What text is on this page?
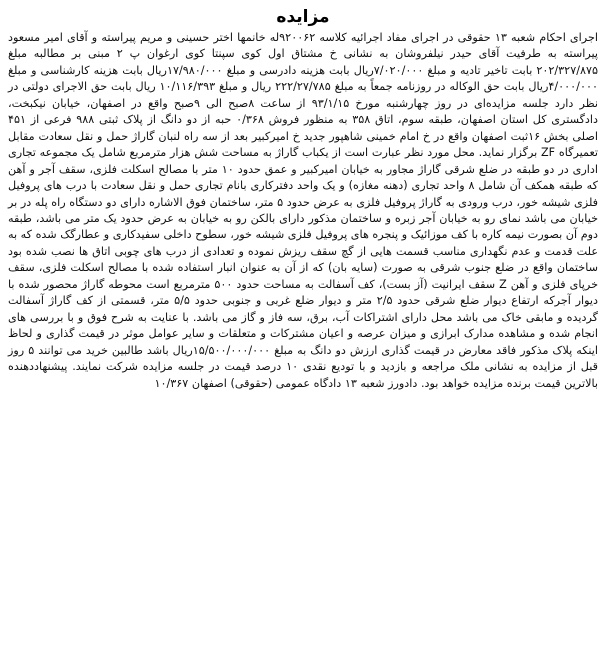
مزایده

اجرای احکام شعبه ۱۳ حقوقی در اجرای مفاد اجرائیه کلاسه ۹۲۰۰۶۲له خانمها اختر حسینی و مریم پیراسته و آقای امیر مسعود پیراسته به طرفیت آقای حیدر نیلفروشان به نشانی خ مشتاق اول کوی سپنتا کوی ارغوان پ ۲ مبنی بر مطالبه مبلغ ۲۰۲/۳۲۷/۸۷۵ بابت تاخیر تادیه و مبلغ ۷/۰۲۰/۰۰۰ریال بابت هزینه دادرسی و مبلغ ۱۷/۹۸۰/۰۰۰ریال بابت هزینه کارشناسی و مبلغ ۴/۰۰۰/۰۰۰ریال بابت حق الوکاله در روزنامه جمعاً به مبلغ ۲۲۲/۲۷/۷۸۵ ریال و مبلغ ۱۰/۱۱۶/۳۹۳ ریال بابت حق الاجرای دولتی در نظر دارد جلسه مزایده‌ای در روز چهارشنبه مورخ ۹۳/۱/۱۵ از ساعت ۸صبح الی ۹صبح واقع در اصفهان، خیابان نیکبخت، دادگستری کل استان اصفهان، طبقه سوم، اتاق ۳۵۸ به منظور فروش ۰/۳۶۸ حبه از دو دانگ از پلاک ثبتی ۹۸۸ فرعی از ۴۵۱ اصلی بخش ۱۶ثبت اصفهان واقع در خ امام خمینی شاهپور جدید خ امیرکبیر بعد از سه راه لنبان گاراژ حمل و نقل سعادت مقابل تعمیرگاه ZF برگزار نماید. محل مورد نظر عبارت است از یکباب گاراژ به مساحت شش هزار مترمربع شامل یک مجموعه تجاری اداری در دو طبقه در ضلع شرقی گاراژ مجاور به خیابان امیرکبیر و عمق حدود ۱۰ متر با مصالح اسکلت فلزی، سقف آجر و آهن که طبقه همکف آن شامل ۸ واحد تجاری (دهنه مغازه) و یک واحد دفترکاری بانام تجاری حمل و نقل سعادت با درب های پروفیل فلزی شیشه خور، درب ورودی به گاراژ پروفیل فلزی به عرض حدود ۵ متر، ساختمان فوق الاشاره دارای دو دستگاه راه پله در بر خیابان می باشد نمای رو به خیابان آجر زبره و ساختمان مذکور دارای بالکن رو به خیابان به عرض حدود یک متر می باشد، طبقه دوم آن بصورت نیمه کاره با کف موزائیک و پنجره های پروفیل فلزی شیشه خور، سطوح داخلی سفیدکاری و عطارگک شده که به علت قدمت و عدم نگهداری مناسب قسمت هایی از گچ سقف ریزش نموده و تعدادی از درب های چوبی اتاق ها نصب شده بود ساختمان واقع در ضلع جنوب شرقی به صورت (سایه بان) که از آن به عنوان انبار استفاده شده با مصالح اسکلت فلزی، سقف خرپای فلزی و آهن Z سقف ایرانیت (آز بست)، کف آسفالت به مساحت حدود ۵۰۰ مترمربع است محوطه گاراژ محصور شده با دیوار آجرکه ارتفاع دیوار ضلع شرقی حدود ۲/۵ متر و دیوار ضلع غربی و جنوبی حدود ۵/۵ متر، قسمتی از کف گاراژ آسفالت گردیده و مابقی خاک می باشد محل دارای اشتراکات آب، برق، سه فاز و گاز می باشد. با عنایت به شرح فوق و با بررسی های انجام شده و مشاهده مدارک ابرازی و میزان عرصه و اعیان مشترکات و متعلقات و سایر عوامل موثر در قیمت گذاری و لحاظ اینکه پلاک مذکور فاقد معارض در قیمت گذاری ارزش دو دانگ به مبلغ ۱۵/۵۰۰/۰۰۰/۰۰۰ریال باشد طالبین خرید می توانند ۵ روز قبل از مزایده به نشانی ملک مراجعه و بازدید و با تودیع نقدی ۱۰ درصد قیمت در جلسه مزایده شرکت نمایند. پیشنهاددهنده بالاترین قیمت برنده مزایده خواهد بود. دادورز شعبه ۱۳ دادگاه عمومی (حقوقی) اصفهان ۱۰/۳۶۷
